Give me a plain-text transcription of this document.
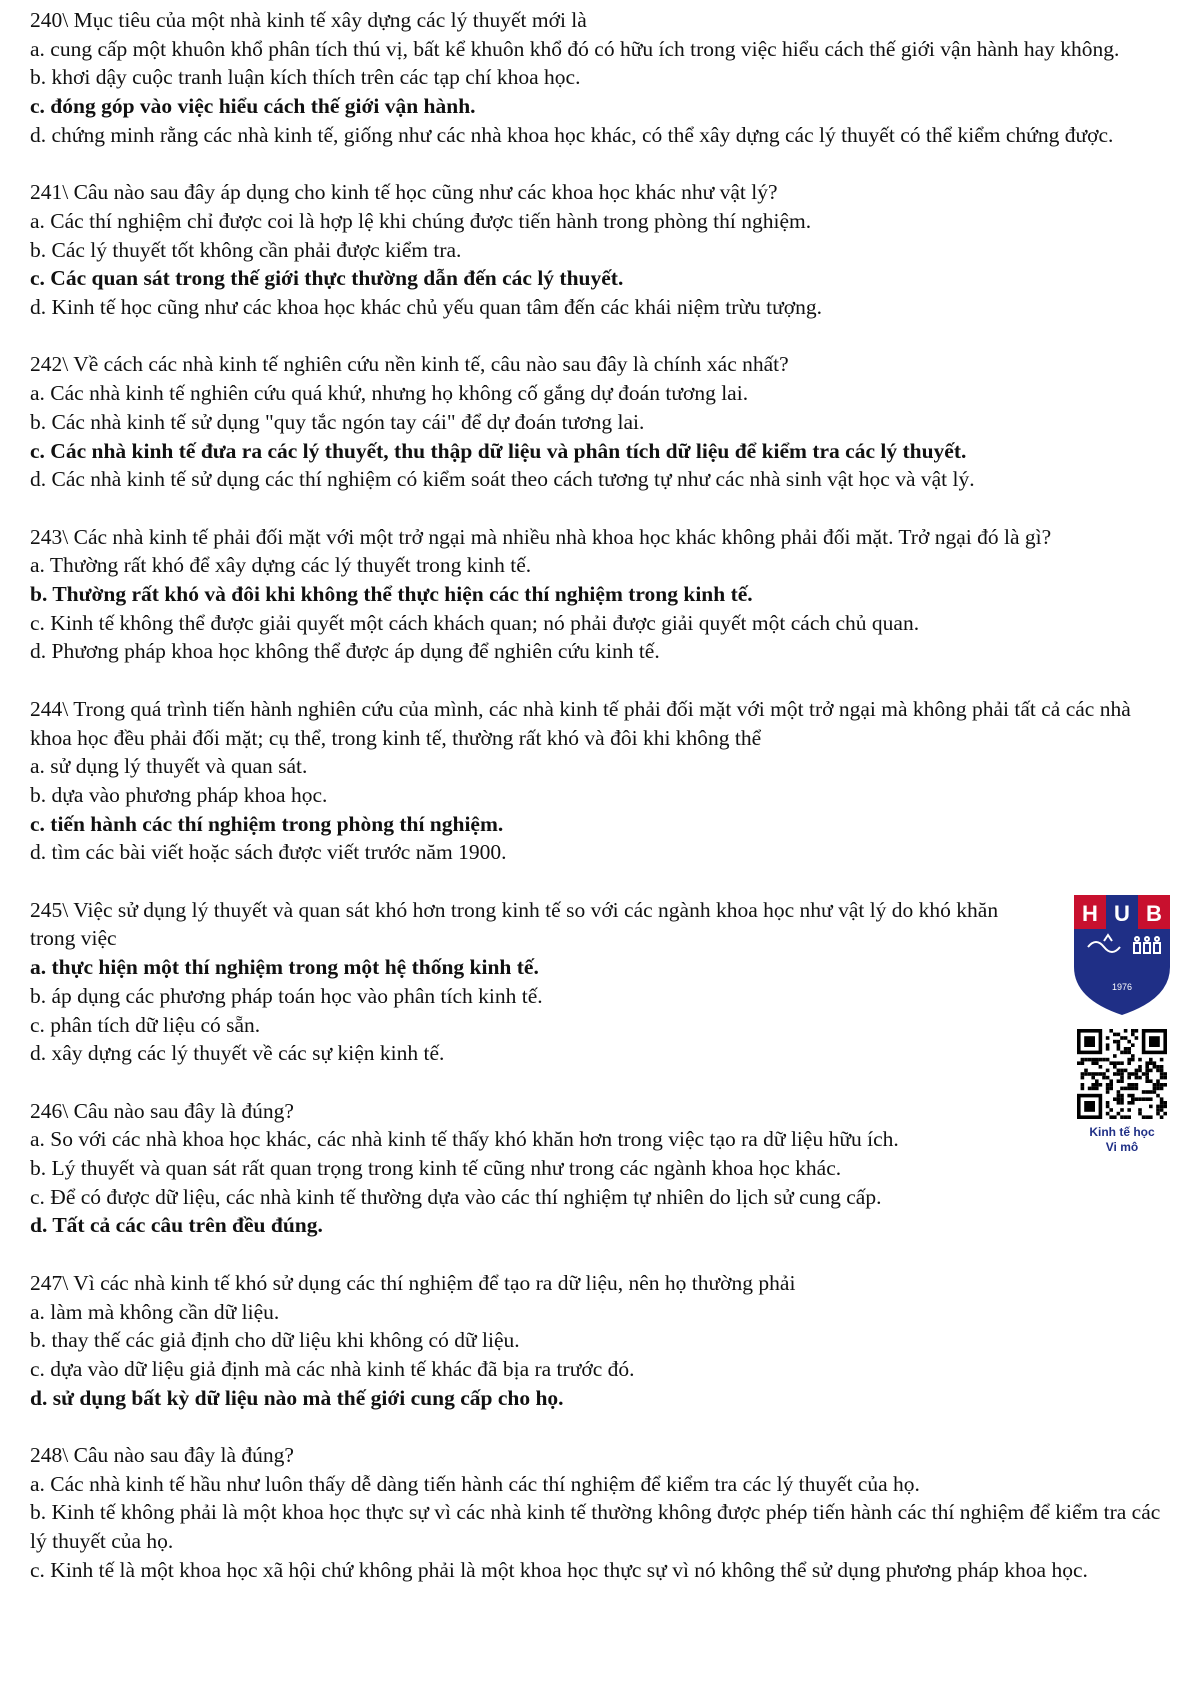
240\ Mục tiêu của một nhà kinh tế xây dựng các lý thuyết mới là

a. cung cấp một khuôn khổ phân tích thú vị, bất kể khuôn khổ đó có hữu ích trong việc hiểu cách thế giới vận hành hay không.

b. khơi dậy cuộc tranh luận kích thích trên các tạp chí khoa học.

c. đóng góp vào việc hiểu cách thế giới vận hành.

d. chứng minh rằng các nhà kinh tế, giống như các nhà khoa học khác, có thể xây dựng các lý thuyết có thể kiểm chứng được.

241\ Câu nào sau đây áp dụng cho kinh tế học cũng như các khoa học khác như vật lý?

a. Các thí nghiệm chỉ được coi là hợp lệ khi chúng được tiến hành trong phòng thí nghiệm.

b. Các lý thuyết tốt không cần phải được kiểm tra.

c. Các quan sát trong thế giới thực thường dẫn đến các lý thuyết.

d. Kinh tế học cũng như các khoa học khác chủ yếu quan tâm đến các khái niệm trừu tượng.

242\ Về cách các nhà kinh tế nghiên cứu nền kinh tế, câu nào sau đây là chính xác nhất?

a. Các nhà kinh tế nghiên cứu quá khứ, nhưng họ không cố gắng dự đoán tương lai.

b. Các nhà kinh tế sử dụng "quy tắc ngón tay cái" để dự đoán tương lai.

c. Các nhà kinh tế đưa ra các lý thuyết, thu thập dữ liệu và phân tích dữ liệu để kiểm tra các lý thuyết.

d. Các nhà kinh tế sử dụng các thí nghiệm có kiểm soát theo cách tương tự như các nhà sinh vật học và vật lý.

243\ Các nhà kinh tế phải đối mặt với một trở ngại mà nhiều nhà khoa học khác không phải đối mặt. Trở ngại đó là gì?

a. Thường rất khó để xây dựng các lý thuyết trong kinh tế.

b. Thường rất khó và đôi khi không thể thực hiện các thí nghiệm trong kinh tế.

c. Kinh tế không thể được giải quyết một cách khách quan; nó phải được giải quyết một cách chủ quan.

d. Phương pháp khoa học không thể được áp dụng để nghiên cứu kinh tế.

244\ Trong quá trình tiến hành nghiên cứu của mình, các nhà kinh tế phải đối mặt với một trở ngại mà không phải tất cả các nhà khoa học đều phải đối mặt; cụ thể, trong kinh tế, thường rất khó và đôi khi không thể

a. sử dụng lý thuyết và quan sát.

b. dựa vào phương pháp khoa học.

c. tiến hành các thí nghiệm trong phòng thí nghiệm.

d. tìm các bài viết hoặc sách được viết trước năm 1900.

245\ Việc sử dụng lý thuyết và quan sát khó hơn trong kinh tế so với các ngành khoa học như vật lý do khó khăn trong việc

a. thực hiện một thí nghiệm trong một hệ thống kinh tế.

b. áp dụng các phương pháp toán học vào phân tích kinh tế.

c. phân tích dữ liệu có sẵn.

d. xây dựng các lý thuyết về các sự kiện kinh tế.

246\ Câu nào sau đây là đúng?

a. So với các nhà khoa học khác, các nhà kinh tế thấy khó khăn hơn trong việc tạo ra dữ liệu hữu ích.

b. Lý thuyết và quan sát rất quan trọng trong kinh tế cũng như trong các ngành khoa học khác.

c. Để có được dữ liệu, các nhà kinh tế thường dựa vào các thí nghiệm tự nhiên do lịch sử cung cấp.

d. Tất cả các câu trên đều đúng.

247\ Vì các nhà kinh tế khó sử dụng các thí nghiệm để tạo ra dữ liệu, nên họ thường phải

a. làm mà không cần dữ liệu.

b. thay thế các giả định cho dữ liệu khi không có dữ liệu.

c. dựa vào dữ liệu giả định mà các nhà kinh tế khác đã bịa ra trước đó.

d. sử dụng bất kỳ dữ liệu nào mà thế giới cung cấp cho họ.

248\ Câu nào sau đây là đúng?

a. Các nhà kinh tế hầu như luôn thấy dễ dàng tiến hành các thí nghiệm để kiểm tra các lý thuyết của họ.

b. Kinh tế không phải là một khoa học thực sự vì các nhà kinh tế thường không được phép tiến hành các thí nghiệm để kiểm tra các lý thuyết của họ.

c. Kinh tế là một khoa học xã hội chứ không phải là một khoa học thực sự vì nó không thể sử dụng phương pháp khoa học.

H U B
1976
Kinh tế học
Vi mô
